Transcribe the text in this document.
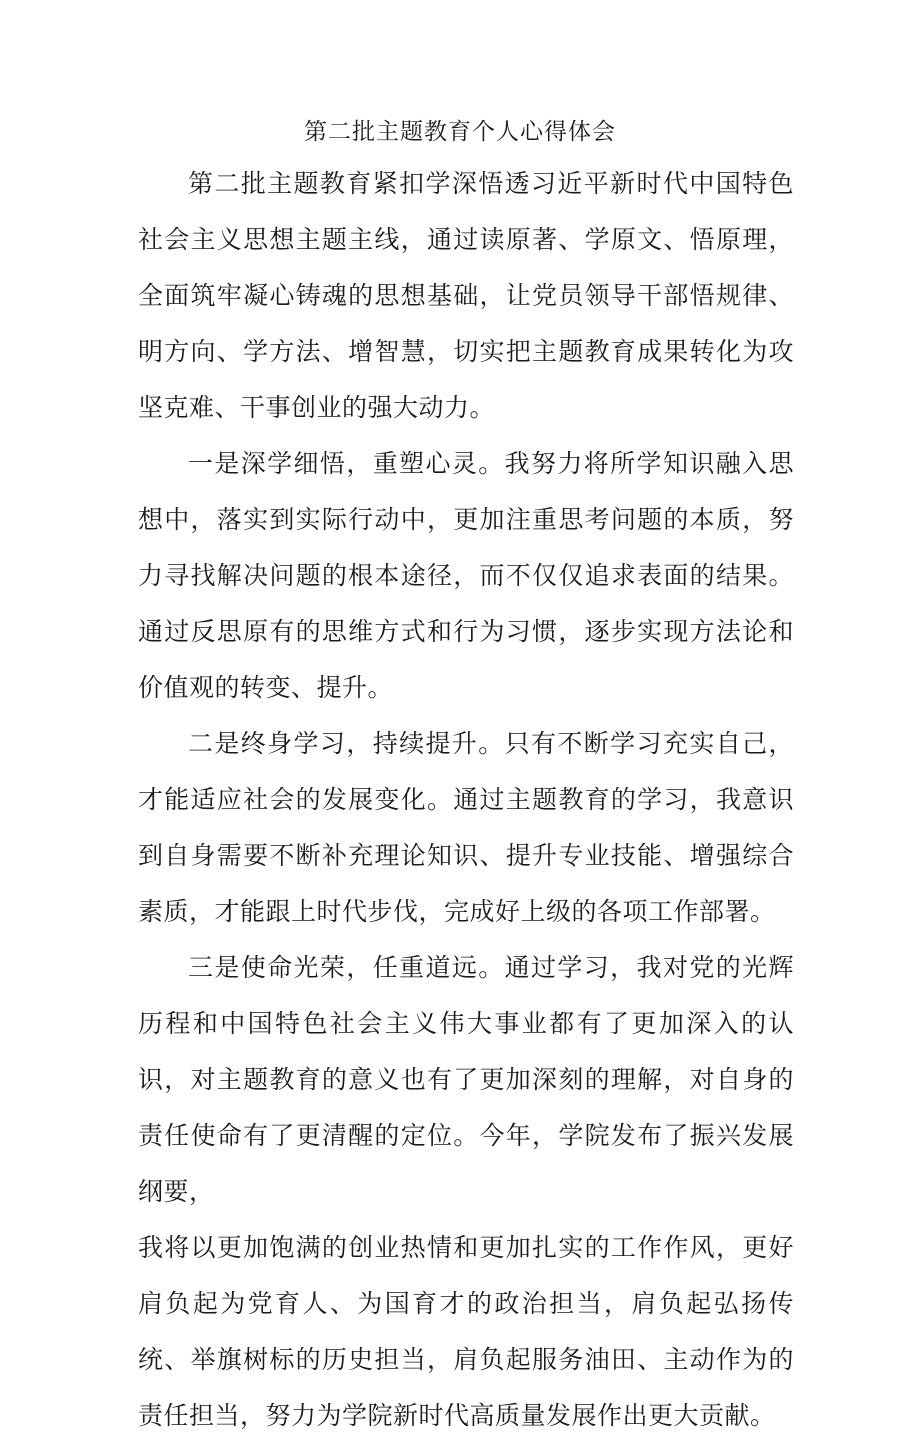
第二批主题教育个人心得体会

第二批主题教育紧扣学深悟透习近平新时代中国特色社会主义思想主题主线，通过读原著、学原文、悟原理，全面筑牢凝心铸魂的思想基础，让党员领导干部悟规律、明方向、学方法、增智慧，切实把主题教育成果转化为攻坚克难、干事创业的强大动力。

一是深学细悟，重塑心灵。我努力将所学知识融入思想中，落实到实际行动中，更加注重思考问题的本质，努力寻找解决问题的根本途径，而不仅仅追求表面的结果。通过反思原有的思维方式和行为习惯，逐步实现方法论和价值观的转变、提升。

二是终身学习，持续提升。只有不断学习充实自己，才能适应社会的发展变化。通过主题教育的学习，我意识到自身需要不断补充理论知识、提升专业技能、增强综合素质，才能跟上时代步伐，完成好上级的各项工作部署。

三是使命光荣，任重道远。通过学习，我对党的光辉历程和中国特色社会主义伟大事业都有了更加深入的认识，对主题教育的意义也有了更加深刻的理解，对自身的责任使命有了更清醒的定位。今年，学院发布了振兴发展纲要，

我将以更加饱满的创业热情和更加扎实的工作作风，更好肩负起为党育人、为国育才的政治担当，肩负起弘扬传统、举旗树标的历史担当，肩负起服务油田、主动作为的责任担当，努力为学院新时代高质量发展作出更大贡献。
